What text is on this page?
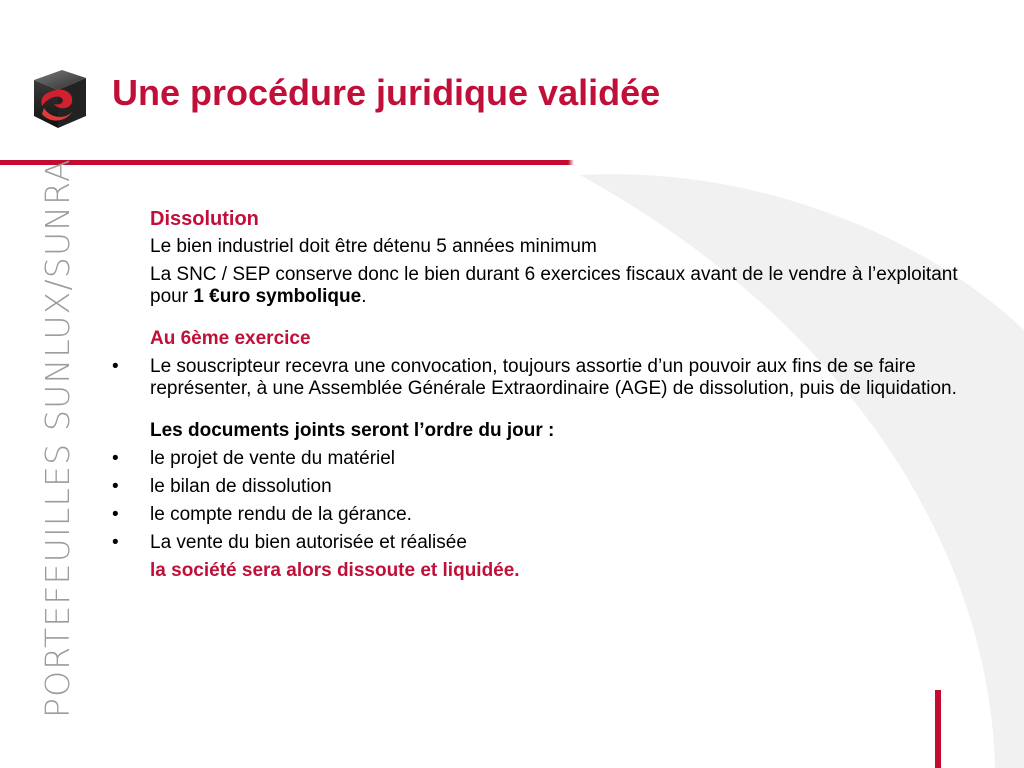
Une procédure juridique validée
PORTEFEUILLES SUNLUX/SUNRA	Dissolution

Le bien industriel doit être détenu 5 années minimum

La SNC / SEP conserve donc le bien durant 6 exercices fiscaux avant de le vendre à l’exploitant pour 1 €uro symbolique.

Au 6ème exercice

•	Le souscripteur recevra une convocation, toujours assortie d’un pouvoir aux fins de se faire représenter, à une Assemblée Générale Extraordinaire (AGE) de dissolution, puis de liquidation.

Les documents joints seront l’ordre du jour :

•	le projet de vente du matériel

•	le bilan de dissolution

•	le compte rendu de la gérance.

•	La vente du bien autorisée et réalisée

la société sera alors dissoute et liquidée.
